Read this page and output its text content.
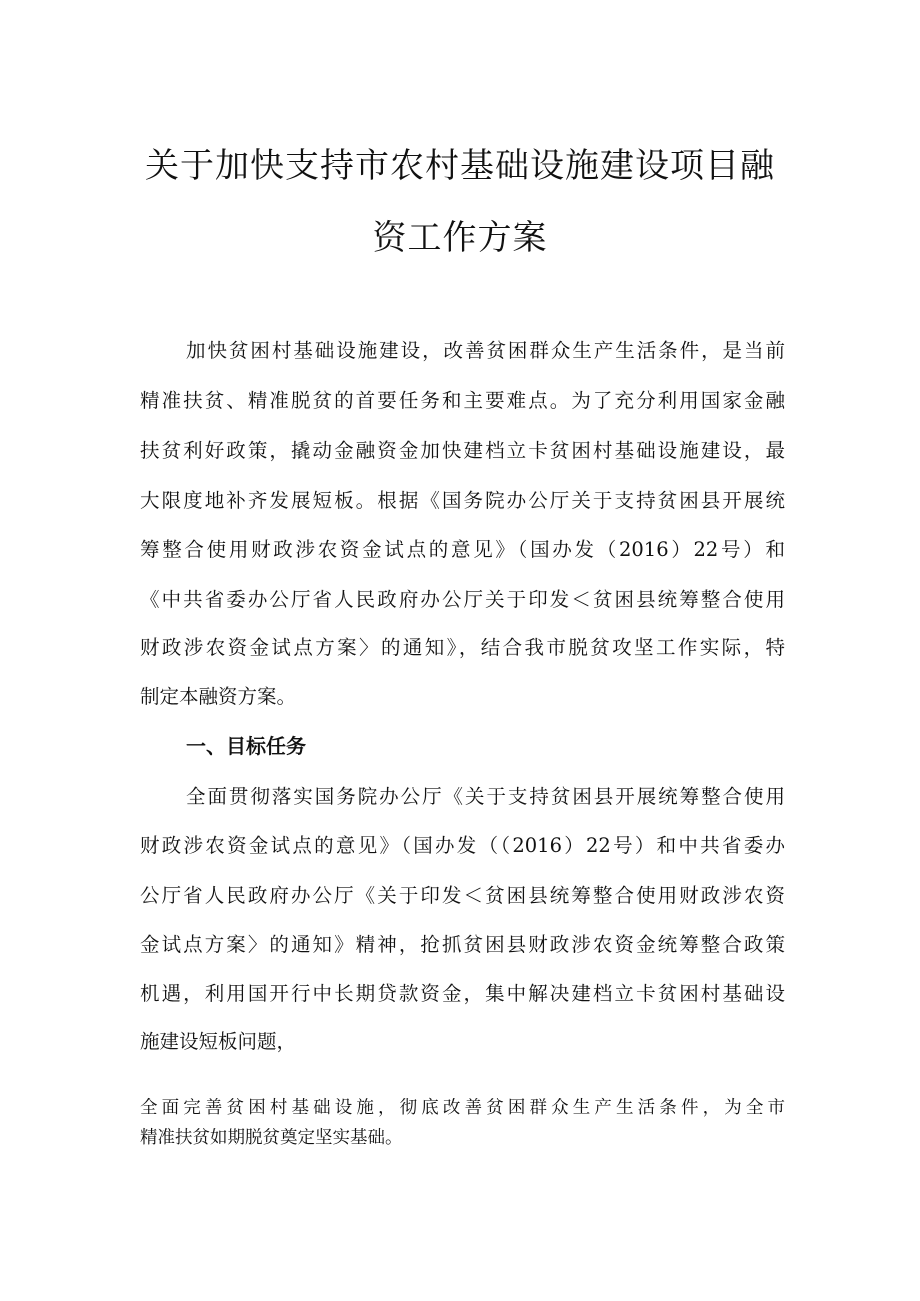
关于加快支持市农村基础设施建设项目融
资工作方案
加快贫困村基础设施建设，改善贫困群众生产生活条件，是当前
精准扶贫、精准脱贫的首要任务和主要难点。为了充分利用国家金融
扶贫利好政策，撬动金融资金加快建档立卡贫困村基础设施建设，最
大限度地补齐发展短板。根据《国务院办公厅关于支持贫困县开展统
筹整合使用财政涉农资金试点的意见》（国办发（2016）22号）和
《中共省委办公厅省人民政府办公厅关于印发＜贫困县统筹整合使用
财政涉农资金试点方案〉的通知》，结合我市脱贫攻坚工作实际，特
制定本融资方案。
一、目标任务
全面贯彻落实国务院办公厅《关于支持贫困县开展统筹整合使用
财政涉农资金试点的意见》（国办发（（2016）22号）和中共省委办
公厅省人民政府办公厅《关于印发＜贫困县统筹整合使用财政涉农资
金试点方案〉的通知》精神，抢抓贫困县财政涉农资金统筹整合政策
机遇，利用国开行中长期贷款资金，集中解决建档立卡贫困村基础设
施建设短板问题，
全面完善贫困村基础设施，彻底改善贫困群众生产生活条件，为全市
精准扶贫如期脱贫奠定坚实基础。
